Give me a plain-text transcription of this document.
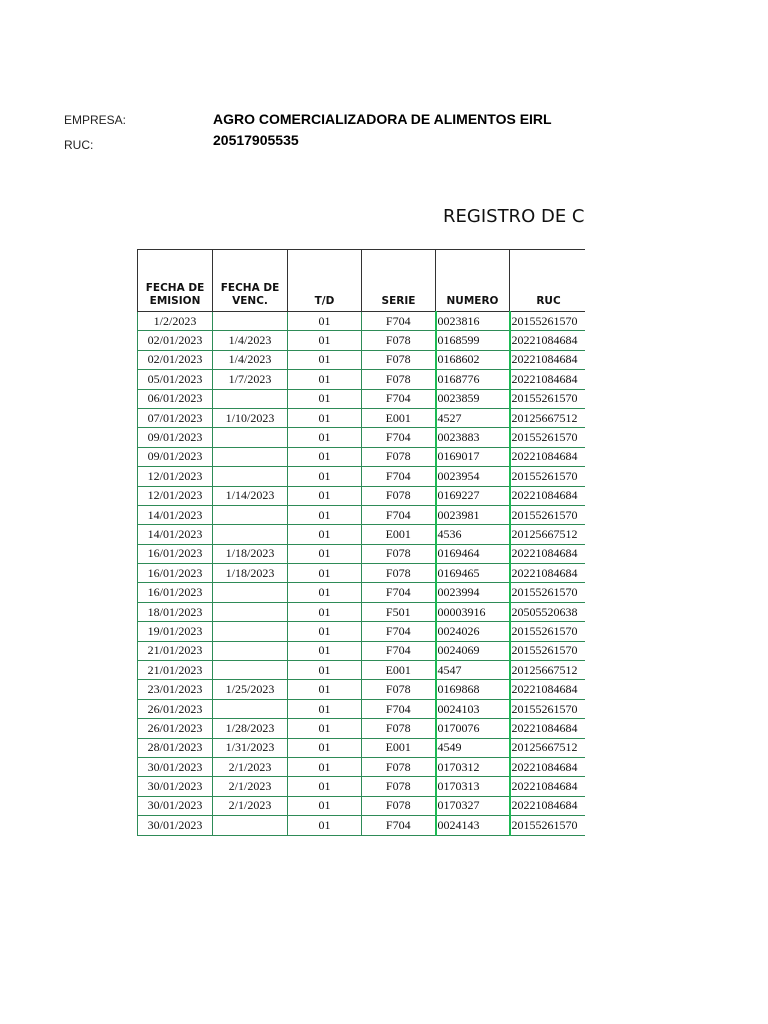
EMPRESA:	AGRO COMERCIALIZADORA DE ALIMENTOS EIRL
RUC:	20517905535
REGISTRO DE C
FECHA DE EMISION	FECHA DE VENC.	T/D	SERIE	NUMERO	RUC
1/2/2023		01	F704	0023816	20155261570
02/01/2023	1/4/2023	01	F078	0168599	20221084684
02/01/2023	1/4/2023	01	F078	0168602	20221084684
05/01/2023	1/7/2023	01	F078	0168776	20221084684
06/01/2023		01	F704	0023859	20155261570
07/01/2023	1/10/2023	01	E001	4527	20125667512
09/01/2023		01	F704	0023883	20155261570
09/01/2023		01	F078	0169017	20221084684
12/01/2023		01	F704	0023954	20155261570
12/01/2023	1/14/2023	01	F078	0169227	20221084684
14/01/2023		01	F704	0023981	20155261570
14/01/2023		01	E001	4536	20125667512
16/01/2023	1/18/2023	01	F078	0169464	20221084684
16/01/2023	1/18/2023	01	F078	0169465	20221084684
16/01/2023		01	F704	0023994	20155261570
18/01/2023		01	F501	00003916	20505520638
19/01/2023		01	F704	0024026	20155261570
21/01/2023		01	F704	0024069	20155261570
21/01/2023		01	E001	4547	20125667512
23/01/2023	1/25/2023	01	F078	0169868	20221084684
26/01/2023		01	F704	0024103	20155261570
26/01/2023	1/28/2023	01	F078	0170076	20221084684
28/01/2023	1/31/2023	01	E001	4549	20125667512
30/01/2023	2/1/2023	01	F078	0170312	20221084684
30/01/2023	2/1/2023	01	F078	0170313	20221084684
30/01/2023	2/1/2023	01	F078	0170327	20221084684
30/01/2023		01	F704	0024143	20155261570
